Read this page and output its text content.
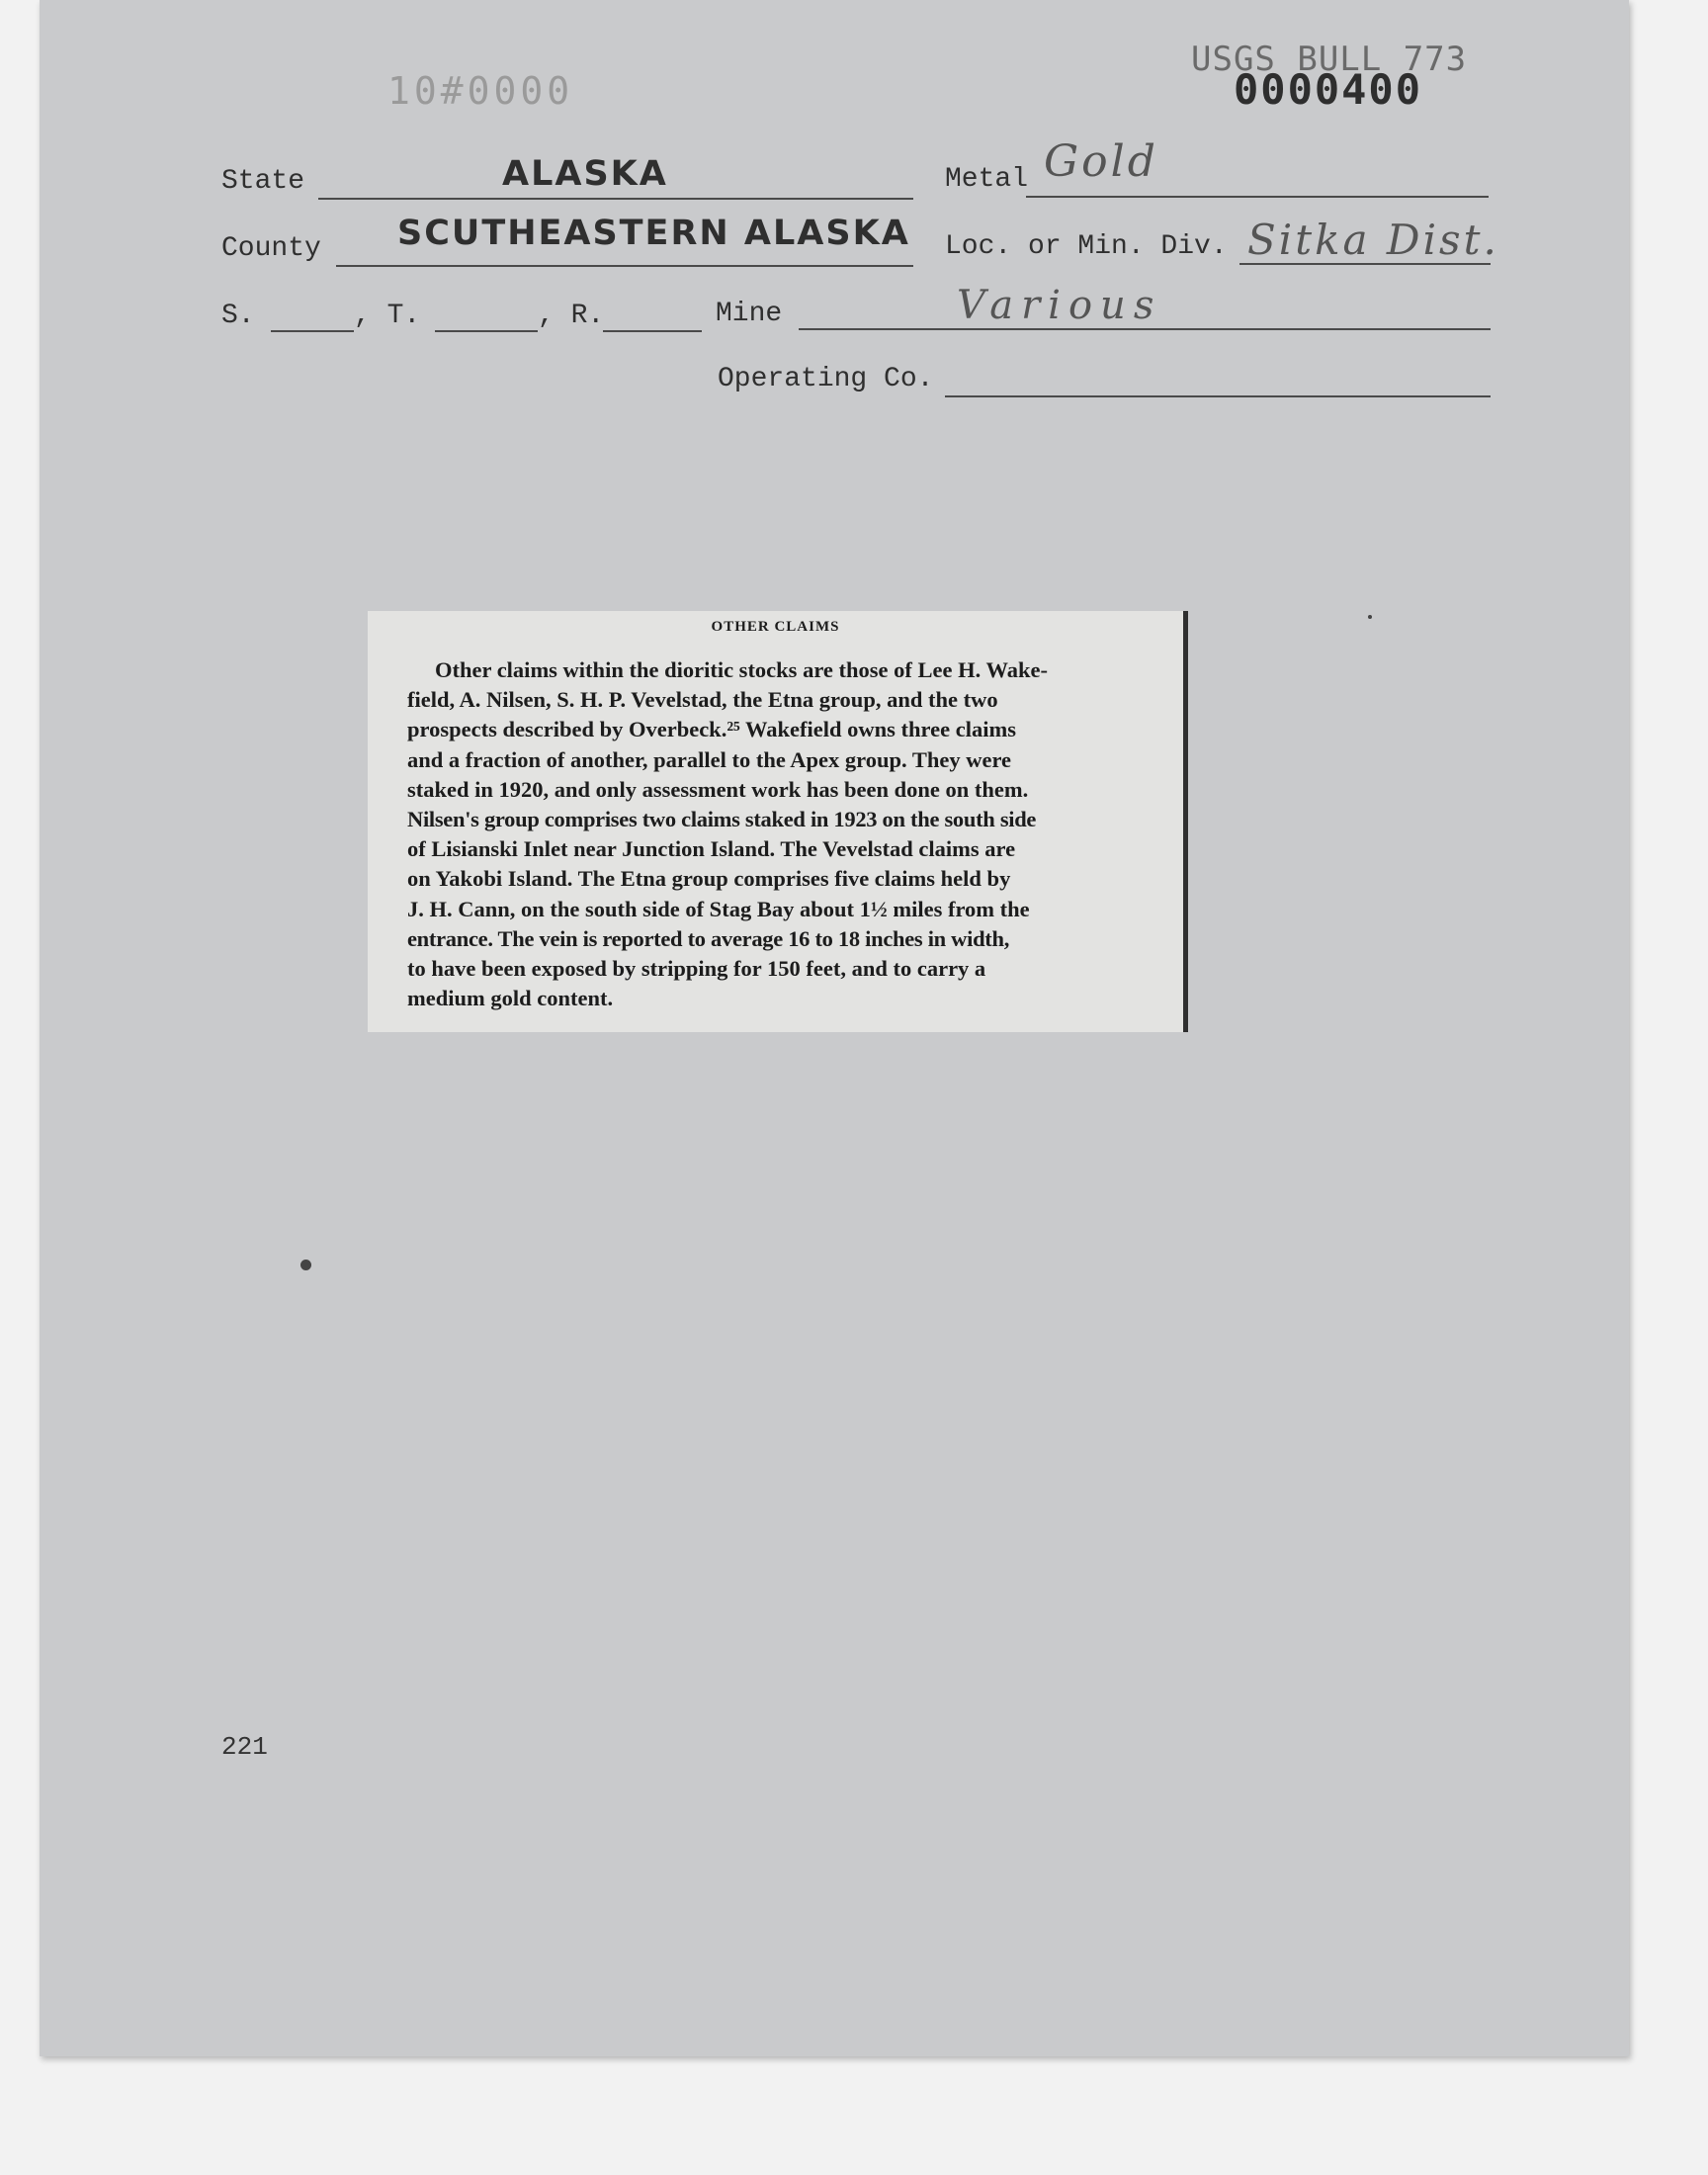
10#0000
USGS BULL 773
0000400
State	ALASKA	Metal Gold
County SCUTHEASTERN ALASKA Loc. or Min. Div. Sitka Dist.
S.	, T.	, R.	Mine	Various
Operating Co.
OTHER CLAIMS
Other claims within the dioritic stocks are those of Lee H. Wake-
field, A. Nilsen, S. H. P. Vevelstad, the Etna group, and the two
prospects described by Overbeck.²⁵ Wakefield owns three claims
and a fraction of another, parallel to the Apex group. They were
staked in 1920, and only assessment work has been done on them.
Nilsen's group comprises two claims staked in 1923 on the south side
of Lisianski Inlet near Junction Island. The Vevelstad claims are
on Yakobi Island. The Etna group comprises five claims held by
J. H. Cann, on the south side of Stag Bay about 1½ miles from the
entrance. The vein is reported to average 16 to 18 inches in width,
to have been exposed by stripping for 150 feet, and to carry a
medium gold content.
221
